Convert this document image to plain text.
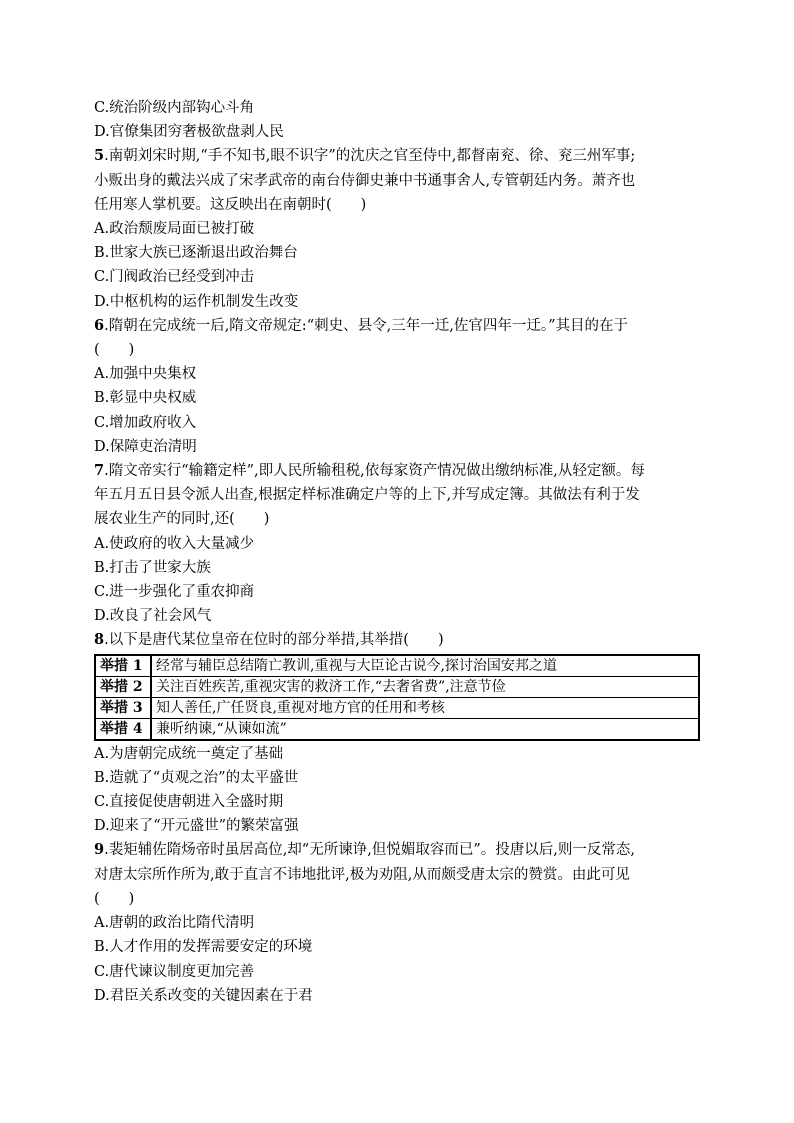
C.统治阶级内部钩心斗角
D.官僚集团穷奢极欲盘剥人民
5.南朝刘宋时期,“手不知书,眼不识字”的沈庆之官至侍中,都督南兖、徐、兖三州军事;
小贩出身的戴法兴成了宋孝武帝的南台侍御史兼中书通事舍人,专管朝廷内务。萧齐也
任用寒人掌机要。这反映出在南朝时(　　)
A.政治颓废局面已被打破
B.世家大族已逐渐退出政治舞台
C.门阀政治已经受到冲击
D.中枢机构的运作机制发生改变
6.隋朝在完成统一后,隋文帝规定:“刺史、县令,三年一迁,佐官四年一迁。”其目的在于
(　　)
A.加强中央集权
B.彰显中央权威
C.增加政府收入
D.保障吏治清明
7.隋文帝实行“输籍定样”,即人民所输租税,依每家资产情况做出缴纳标准,从轻定额。每
年五月五日县令派人出查,根据定样标准确定户等的上下,并写成定簿。其做法有利于发
展农业生产的同时,还(　　)
A.使政府的收入大量减少
B.打击了世家大族
C.进一步强化了重农抑商
D.改良了社会风气
8.以下是唐代某位皇帝在位时的部分举措,其举措(　　)
举措 1	经常与辅臣总结隋亡教训,重视与大臣论古说今,探讨治国安邦之道
举措 2	关注百姓疾苦,重视灾害的救济工作,“去奢省费”,注意节俭
举措 3	知人善任,广任贤良,重视对地方官的任用和考核
举措 4	兼听纳谏,“从谏如流”
A.为唐朝完成统一奠定了基础
B.造就了“贞观之治”的太平盛世
C.直接促使唐朝进入全盛时期
D.迎来了“开元盛世”的繁荣富强
9.裴矩辅佐隋炀帝时虽居高位,却“无所谏诤,但悦媚取容而已”。投唐以后,则一反常态,
对唐太宗所作所为,敢于直言不讳地批评,极为劝阻,从而颇受唐太宗的赞赏。由此可见
(　　)
A.唐朝的政治比隋代清明
B.人才作用的发挥需要安定的环境
C.唐代谏议制度更加完善
D.君臣关系改变的关键因素在于君
